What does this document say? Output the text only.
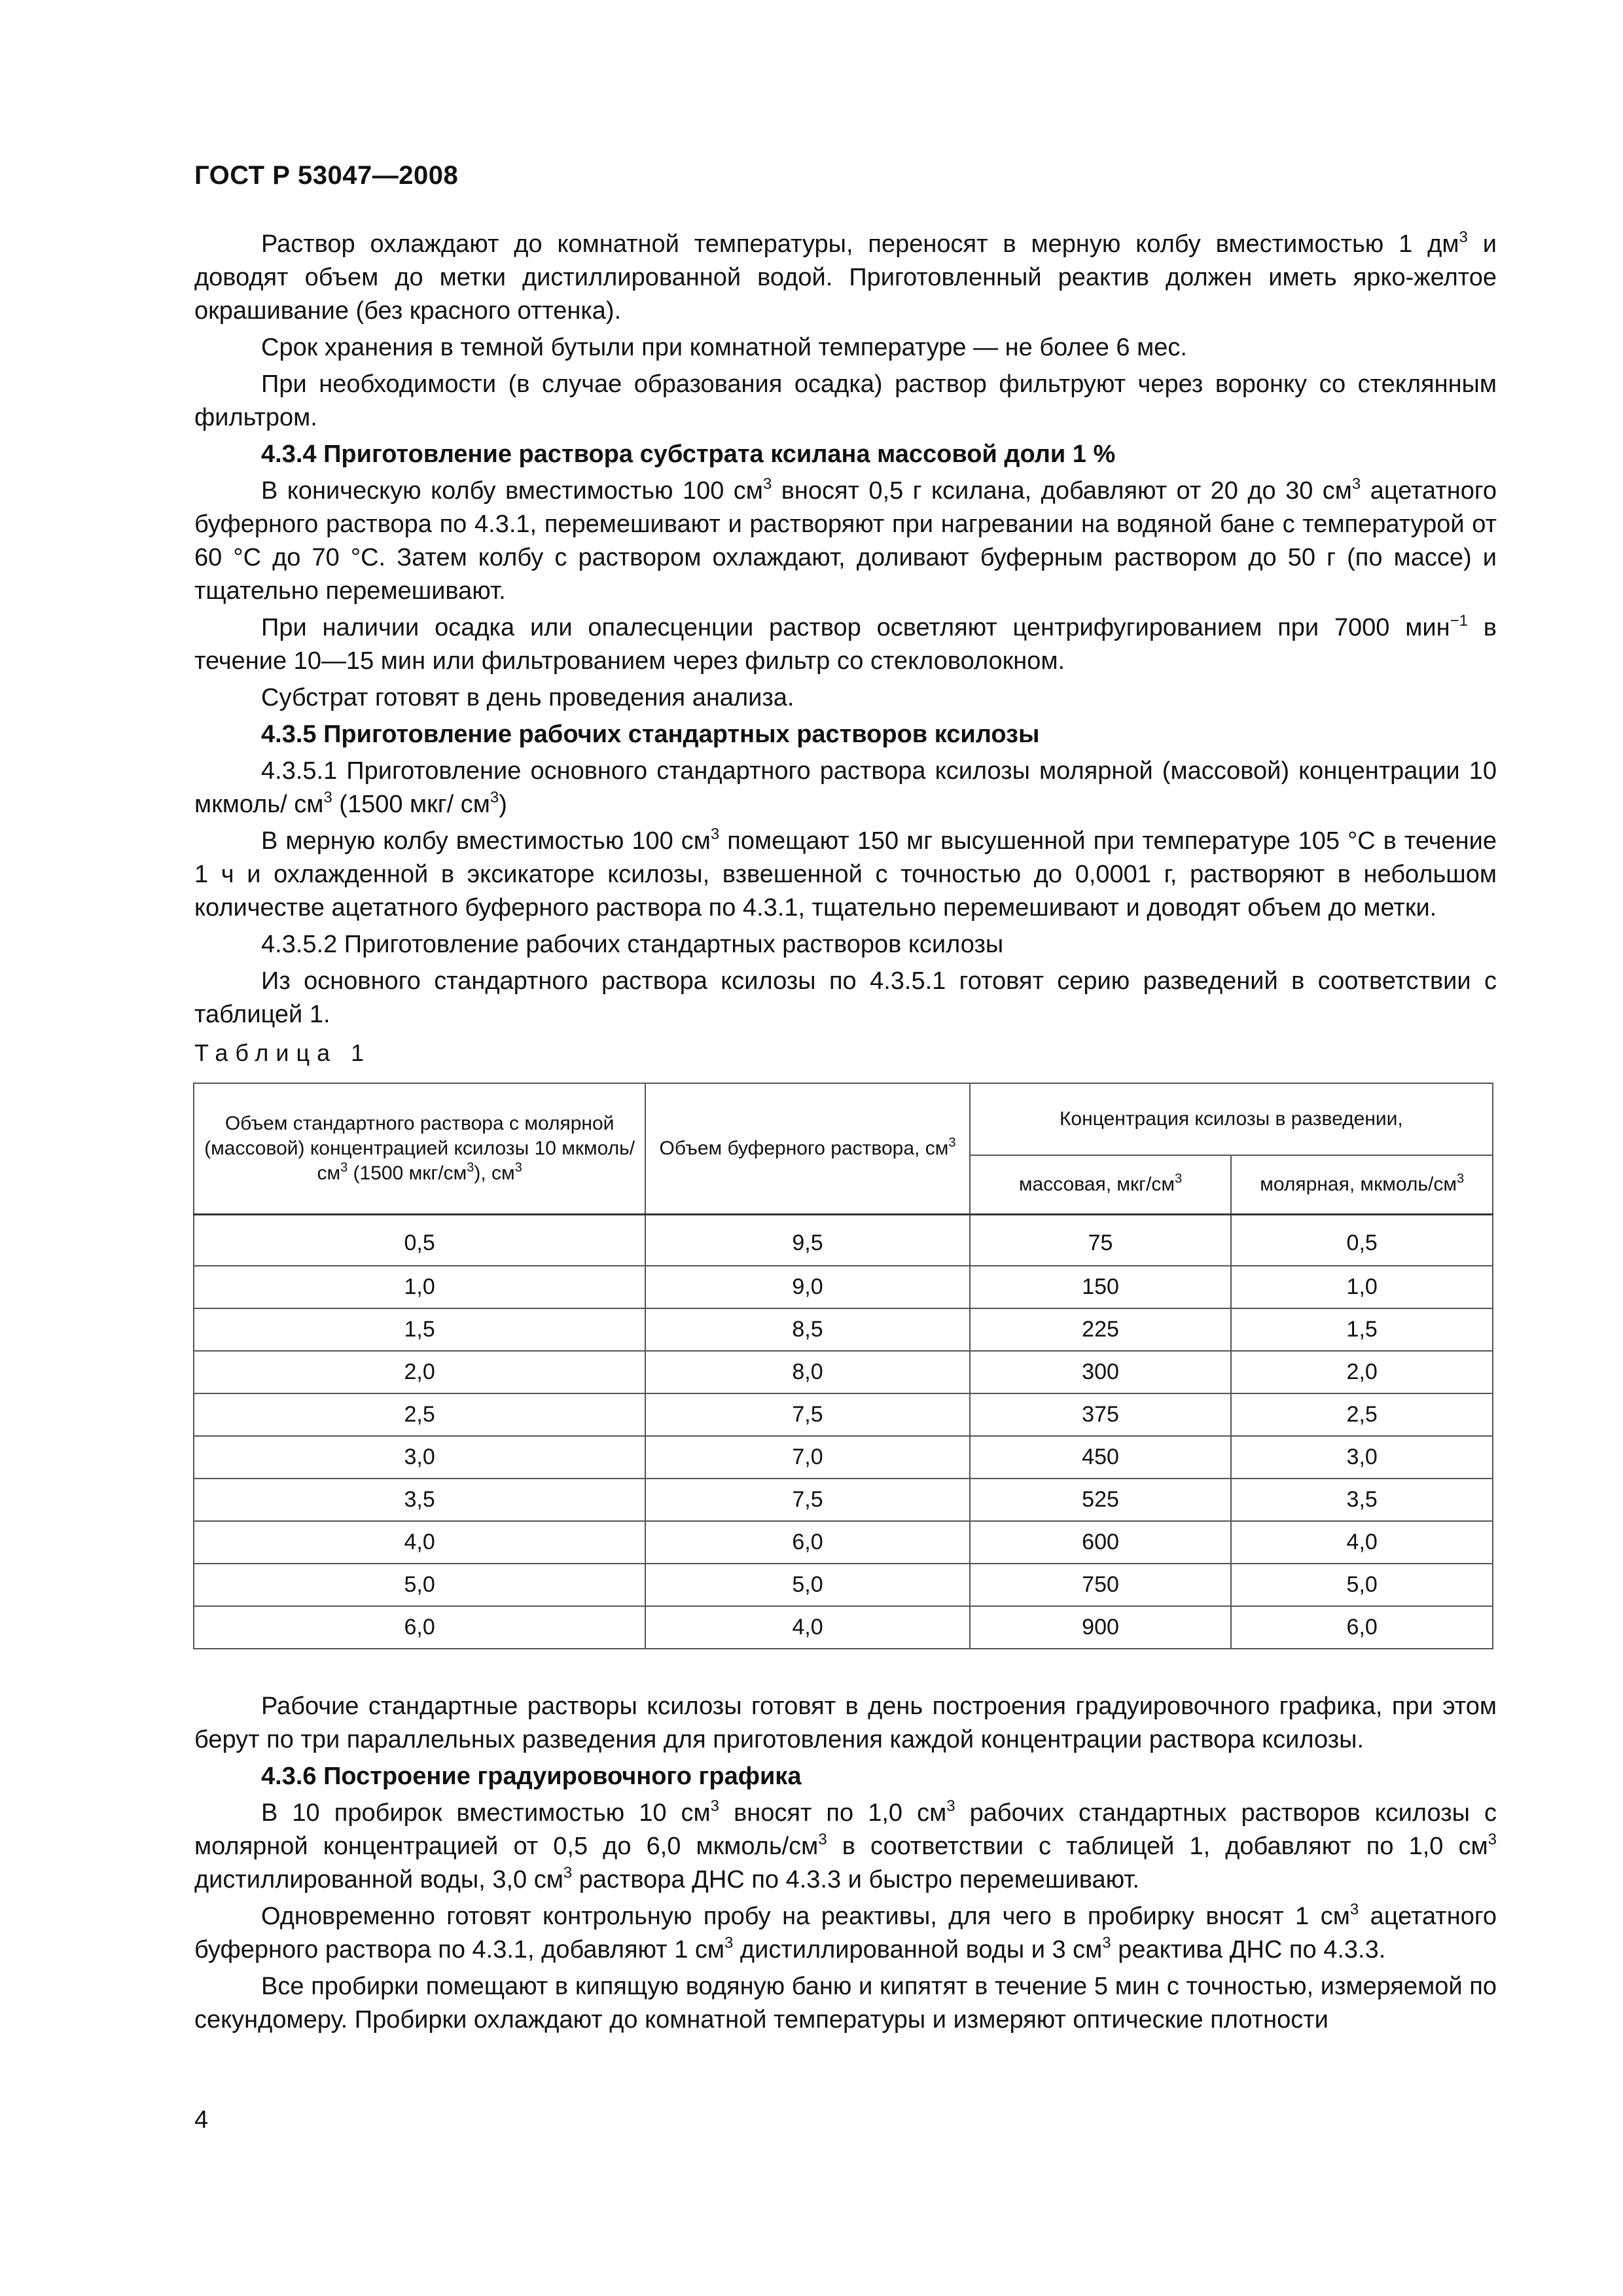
ГОСТ Р 53047—2008

Раствор охлаждают до комнатной температуры, переносят в мерную колбу вместимостью 1 $дм^3$ и доводят объем до метки дистиллированной водой. Приготовленный реактив должен иметь ярко-желтое окрашивание (без красного оттенка).

Срок хранения в темной бутыли при комнатной температуре — не более 6 мес.

При необходимости (в случае образования осадка) раствор фильтруют через воронку со стеклянным фильтром.

4.3.4 Приготовление раствора субстрата ксилана массовой доли 1 %

В коническую колбу вместимостью 100 $см^3$ вносят 0,5 г ксилана, добавляют от 20 до 30 $см^3$ ацетатного буферного раствора по 4.3.1, перемешивают и растворяют при нагревании на водяной бане с температурой от 60 °С до 70 °С. Затем колбу с раствором охлаждают, доливают буферным раствором до 50 г (по массе) и тщательно перемешивают.

При наличии осадка или опалесценции раствор осветляют центрифугированием при 7000 мин$^{-1}$ в течение 10—15 мин или фильтрованием через фильтр со стекловолокном.

Субстрат готовят в день проведения анализа.

4.3.5 Приготовление рабочих стандартных растворов ксилозы

4.3.5.1 Приготовление основного стандартного раствора ксилозы молярной (массовой) концентрации 10 мкмоль/ $см^3$ (1500 мкг/ $см^3$)

В мерную колбу вместимостью 100 $см^3$ помещают 150 мг высушенной при температуре 105 °С в течение 1 ч и охлажденной в эксикаторе ксилозы, взвешенной с точностью до 0,0001 г, растворяют в небольшом количестве ацетатного буферного раствора по 4.3.1, тщательно перемешивают и доводят объем до метки.

4.3.5.2 Приготовление рабочих стандартных растворов ксилозы

Из основного стандартного раствора ксилозы по 4.3.5.1 готовят серию разведений в соответствии с таблицей 1.

Таблица 1
Объем стандартного раствора с молярной (массовой) концентрацией ксилозы 10 мкмоль/$см^3$ (1500 мкг/$см^3$), $см^3$	Объем буферного раствора, $см^3$	Концентрация ксилозы в разведении,	
		массовая, мкг/$см^3$	молярная, мкмоль/$см^3$
0,5	9,5	75	0,5
1,0	9,0	150	1,0
1,5	8,5	225	1,5
2,0	8,0	300	2,0
2,5	7,5	375	2,5
3,0	7,0	450	3,0
3,5	7,5	525	3,5
4,0	6,0	600	4,0
5,0	5,0	750	5,0
6,0	4,0	900	6,0

Рабочие стандартные растворы ксилозы готовят в день построения градуировочного графика, при этом берут по три параллельных разведения для приготовления каждой концентрации раствора ксилозы.

4.3.6 Построение градуировочного графика

В 10 пробирок вместимостью 10 $см^3$ вносят по 1,0 $см^3$ рабочих стандартных растворов ксилозы с молярной концентрацией от 0,5 до 6,0 мкмоль/$см^3$ в соответствии с таблицей 1, добавляют по 1,0 $см^3$ дистиллированной воды, 3,0 $см^3$ раствора ДНС по 4.3.3 и быстро перемешивают.

Одновременно готовят контрольную пробу на реактивы, для чего в пробирку вносят 1 $см^3$ ацетатного буферного раствора по 4.3.1, добавляют 1 $см^3$ дистиллированной воды и 3 $см^3$ реактива ДНС по 4.3.3.

Все пробирки помещают в кипящую водяную баню и кипятят в течение 5 мин с точностью, измеряемой по секундомеру. Пробирки охлаждают до комнатной температуры и измеряют оптические плотности

4
